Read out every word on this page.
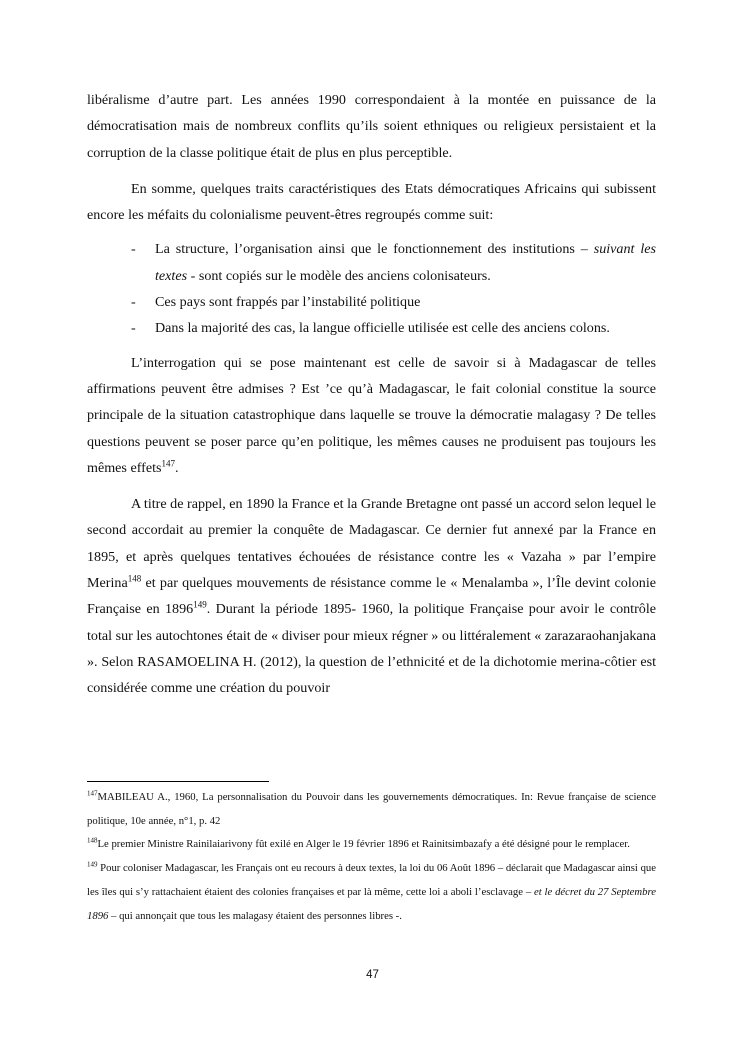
libéralisme d’autre part. Les années 1990 correspondaient à la montée en puissance de la démocratisation mais de nombreux conflits qu’ils soient ethniques ou religieux persistaient et la corruption de la classe politique était de plus en plus perceptible.

En somme, quelques traits caractéristiques des Etats démocratiques Africains qui subissent encore les méfaits du colonialisme peuvent-êtres regroupés comme suit:

- La structure, l’organisation ainsi que le fonctionnement des institutions – suivant les textes - sont copiés sur le modèle des anciens colonisateurs.
- Ces pays sont frappés par l’instabilité politique
- Dans la majorité des cas, la langue officielle utilisée est celle des anciens colons.

L’interrogation qui se pose maintenant est celle de savoir si à Madagascar de telles affirmations peuvent être admises ? Est ’ce qu’à Madagascar, le fait colonial constitue la source principale de la situation catastrophique dans laquelle se trouve la démocratie malagasy ? De telles questions peuvent se poser parce qu’en politique, les mêmes causes ne produisent pas toujours les mêmes effets$^{147}$.

A titre de rappel, en 1890 la France et la Grande Bretagne ont passé un accord selon lequel le second accordait au premier la conquête de Madagascar. Ce dernier fut annexé par la France en 1895, et après quelques tentatives échouées de résistance contre les « Vazaha » par l’empire Merina$^{148}$ et par quelques mouvements de résistance comme le « Menalamba », l’Île devint colonie Française en 1896$^{149}$. Durant la période 1895- 1960, la politique Française pour avoir le contrôle total sur les autochtones était de « diviser pour mieux régner » ou littéralement « zarazaraohanjakana ». Selon RASAMOELINA H. (2012), la question de l’ethnicité et de la dichotomie merina-côtier est considérée comme une création du pouvoir

$^{147}$MABILEAU A., 1960, La personnalisation du Pouvoir dans les gouvernements démocratiques. In: Revue française de science politique, 10e année, n°1, p. 42

$^{148}$Le premier Ministre Rainilaiarivony fût exilé en Alger le 19 février 1896 et Rainitsimbazafy a été désigné pour le remplacer.

$^{149}$ Pour coloniser Madagascar, les Français ont eu recours à deux textes, la loi du 06 Août 1896 – déclarait que Madagascar ainsi que les îles qui s’y rattachaient étaient des colonies françaises et par là même, cette loi a aboli l’esclavage – et le décret du 27 Septembre 1896 – qui annonçait que tous les malagasy étaient des personnes libres -.

47
